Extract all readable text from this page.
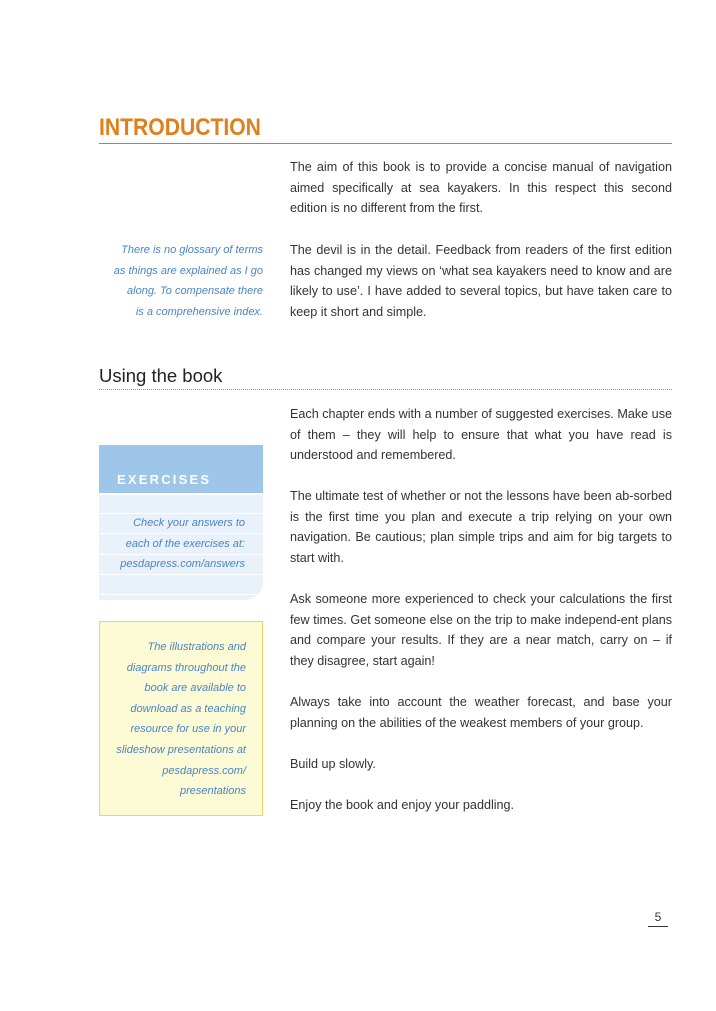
INTRODUCTION

The aim of this book is to provide a concise manual of navigation aimed specifically at sea kayakers. In this respect this second edition is no different from the first.

The devil is in the detail. Feedback from readers of the first edition has changed my views on ‘what sea kayakers need to know and are likely to use’. I have added to several topics, but have taken care to keep it short and simple.

There is no glossary of terms
as things are explained as I go
along. To compensate there
is a comprehensive index.
Using the book

Each chapter ends with a number of suggested exercises. Make use of them – they will help to ensure that what you have read is understood and remembered.

The ultimate test of whether or not the lessons have been ab-sorbed is the first time you plan and execute a trip relying on your own navigation. Be cautious; plan simple trips and aim for big targets to start with.

Ask someone more experienced to check your calculations the first few times. Get someone else on the trip to make independ-ent plans and compare your results. If they are a near match, carry on – if they disagree, start again!

Always take into account the weather forecast, and base your planning on the abilities of the weakest members of your group.

Build up slowly.

Enjoy the book and enjoy your paddling.

EXERCISES
Check your answers to
each of the exercises at:
pesdapress.com/answers
The illustrations and
diagrams throughout the
book are available to
download as a teaching
resource for use in your
slideshow presentations at
pesdapress.com/
presentations
5
